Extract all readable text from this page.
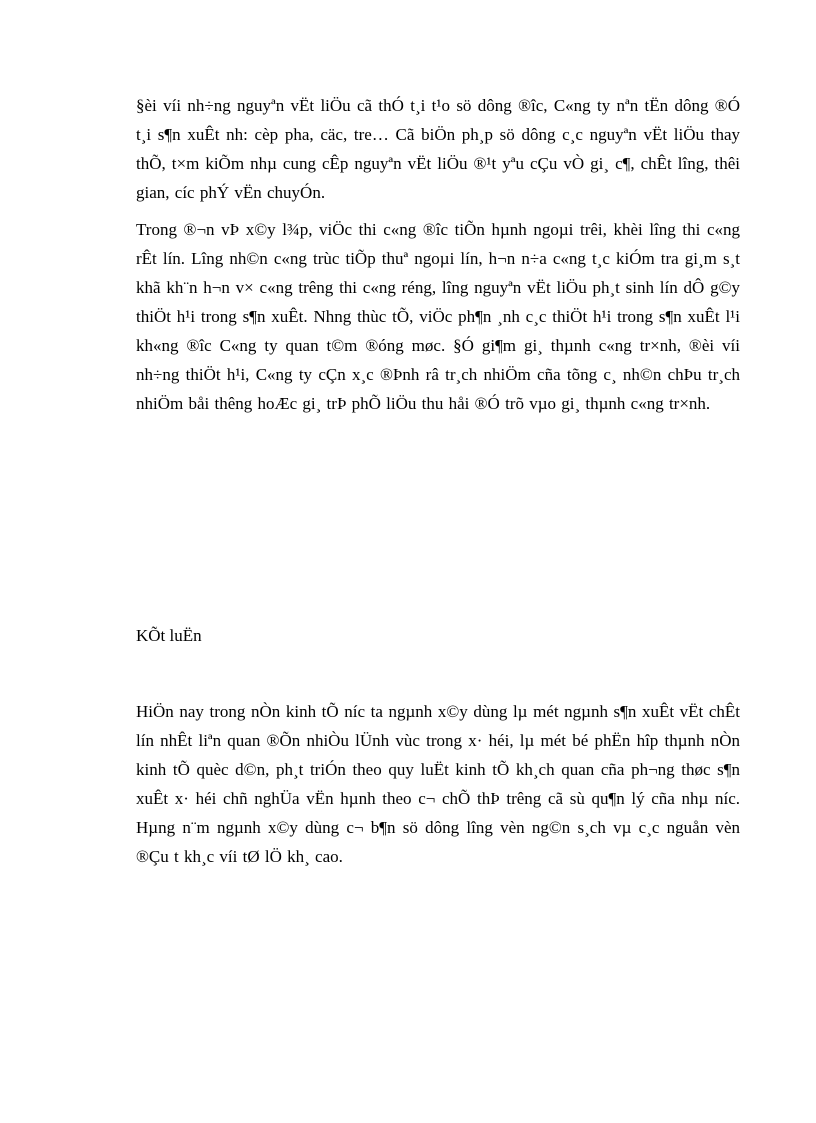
§èi víi nh÷ng nguyªn vËt liÖu cã thÓ t¸i t¹o sö dông ®îc, C«ng ty nªn tËn dông ®Ó t¸i s¶n xuÊt nh: cèp pha, cäc, tre… Cã biÖn ph¸p sö dông c¸c nguyªn vËt liÖu thay thÕ, t×m kiÕm nhµ cung cÊp nguyªn vËt liÖu ®¹t yªu cÇu vÒ gi¸ c¶, chÊt lîng, thêi gian, cíc phÝ vËn chuyÓn.

Trong ®¬n vÞ x©y l¾p, viÖc thi c«ng ®îc tiÕn hµnh ngoµi trêi, khèi lîng thi c«ng rÊt lín. Lîng nh©n c«ng trùc tiÕp thuª ngoµi lín, h¬n n÷a c«ng t¸c kiÓm tra gi¸m s¸t khã kh¨n h¬n v× c«ng trêng thi c«ng réng, lîng nguyªn vËt liÖu ph¸t sinh lín dÔ g©y thiÖt h¹i trong s¶n xuÊt. Nhng thùc tÕ, viÖc ph¶n ¸nh c¸c thiÖt h¹i trong s¶n xuÊt l¹i kh«ng ®îc C«ng ty quan t©m ®óng møc. §Ó gi¶m gi¸ thµnh c«ng tr×nh, ®èi víi nh÷ng thiÖt h¹i, C«ng ty cÇn x¸c ®Þnh râ tr¸ch nhiÖm cña tõng c¸ nh©n chÞu tr¸ch nhiÖm båi thêng hoÆc gi¸ trÞ phÕ liÖu thu håi ®Ó trõ vµo gi¸ thµnh c«ng tr×nh.

KÕt luËn

HiÖn nay trong nÒn kinh tÕ níc ta ngµnh x©y dùng lµ mét ngµnh s¶n xuÊt vËt chÊt lín nhÊt liªn quan ®Õn nhiÒu lÜnh vùc trong x· héi, lµ mét bé phËn hîp thµnh nÒn kinh tÕ quèc d©n, ph¸t triÓn theo quy luËt kinh tÕ kh¸ch quan cña ph¬ng thøc s¶n xuÊt x· héi chñ nghÜa vËn hµnh theo c¬ chÕ thÞ trêng cã sù qu¶n lý cña nhµ níc. Hµng n¨m ngµnh x©y dùng c¬ b¶n sö dông lîng vèn ng©n s¸ch vµ c¸c nguån vèn ®Çu t kh¸c víi tØ lÖ kh¸ cao.
